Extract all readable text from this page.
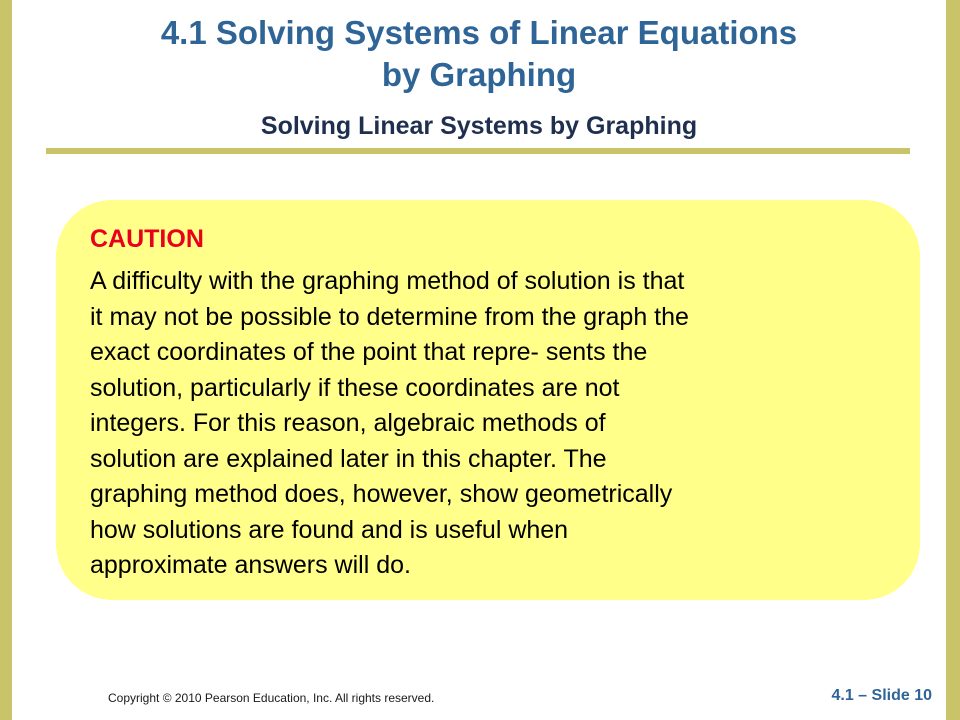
4.1 Solving Systems of Linear Equations
by Graphing
Solving Linear Systems by Graphing
CAUTION
A difficulty with the graphing method of solution is that
it may not be possible to determine from the graph the
exact coordinates of the point that repre- sents the
solution, particularly if these coordinates are not
integers. For this reason, algebraic methods of
solution are explained later in this chapter. The
graphing method does, however, show geometrically
how solutions are found and is useful when
approximate answers will do.
Copyright © 2010 Pearson Education, Inc. All rights reserved.	4.1 – Slide 10
